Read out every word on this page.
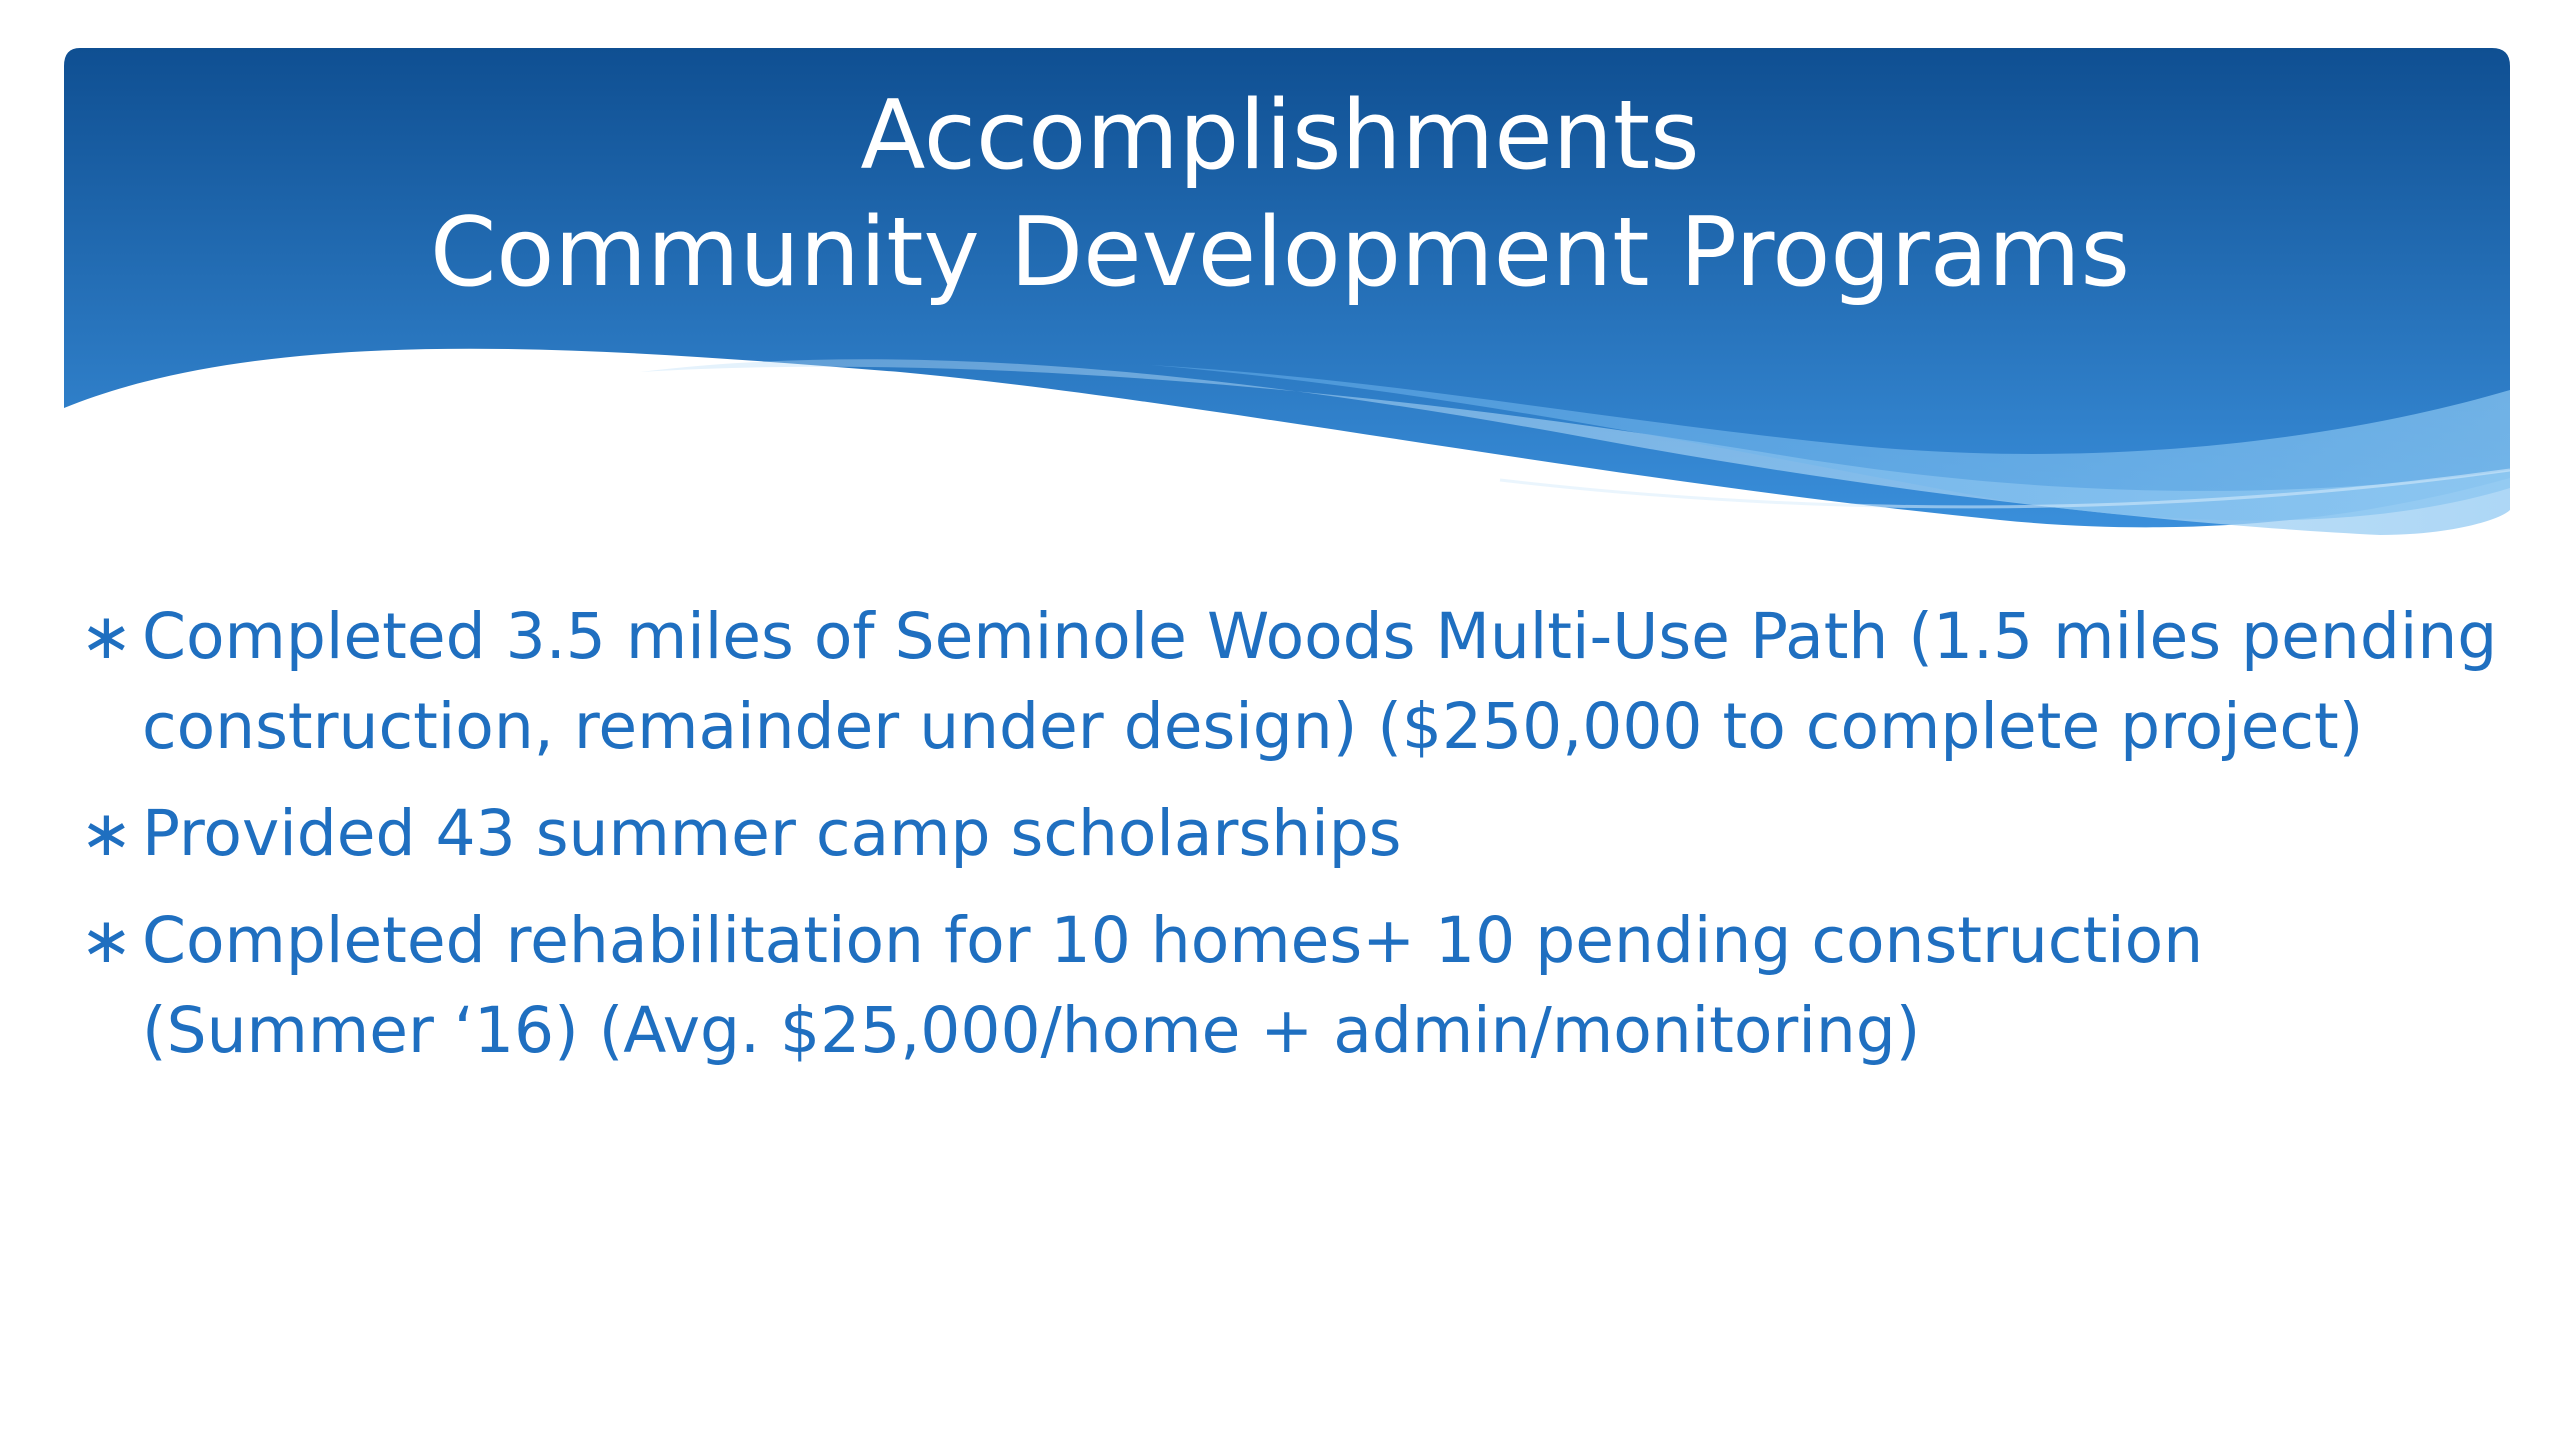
Accomplishments
Community Development Programs
∗ Completed 3.5 miles of Seminole Woods Multi-Use Path (1.5 miles pending construction, remainder under design) ($250,000 to complete project)
∗ Provided 43 summer camp scholarships
∗ Completed rehabilitation for 10 homes+ 10 pending construction (Summer ‘16) (Avg. $25,000/home + admin/monitoring)
